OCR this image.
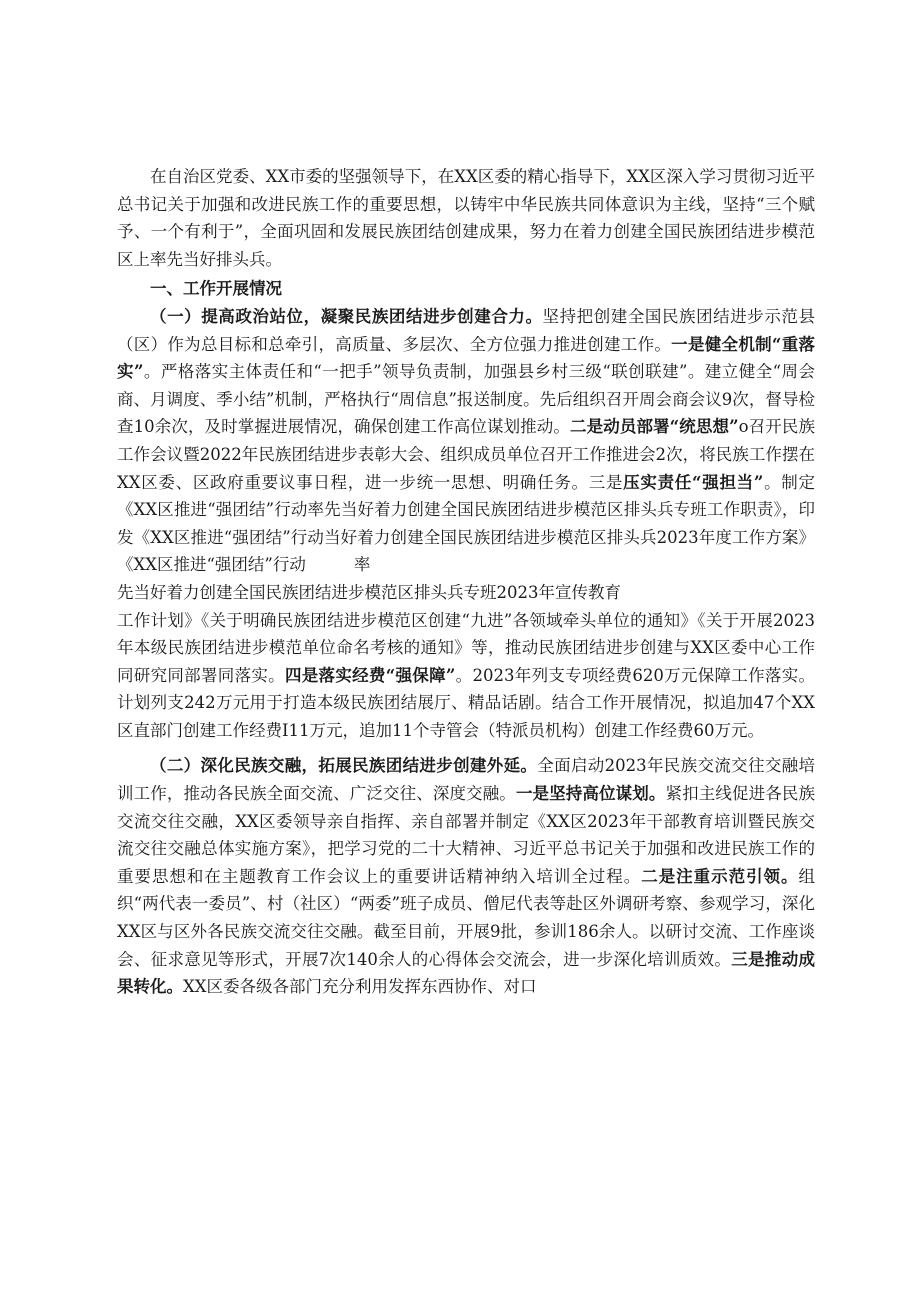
在自治区党委、XX市委的坚强领导下，在XX区委的精心指导下，XX区深入学习贯彻习近平总书记关于加强和改进民族工作的重要思想，以铸牢中华民族共同体意识为主线，坚持“三个赋予、一个有利于”，全面巩固和发展民族团结创建成果，努力在着力创建全国民族团结进步模范区上率先当好排头兵。

一、工作开展情况

（一）提高政治站位，凝聚民族团结进步创建合力。坚持把创建全国民族团结进步示范县（区）作为总目标和总牵引，高质量、多层次、全方位强力推进创建工作。一是健全机制“重落实”。严格落实主体责任和“一把手”领导负责制，加强县乡村三级“联创联建”。建立健全“周会商、月调度、季小结”机制，严格执行“周信息”报送制度。先后组织召开周会商会议9次，督导检查10余次，及时掌握进展情况，确保创建工作高位谋划推动。二是动员部署“统思想”o召开民族工作会议暨2022年民族团结进步表彰大会、组织成员单位召开工作推进会2次，将民族工作摆在XX区委、区政府重要议事日程，进一步统一思想、明确任务。三是压实责任“强担当”。制定《XX区推进“强团结”行动率先当好着力创建全国民族团结进步模范区排头兵专班工作职责》，印发《XX区推进“强团结”行动当好着力创建全国民族团结进步模范区排头兵2023年度工作方案》《XX区推进“强团结”行动	率
先当好着力创建全国民族团结进步模范区排头兵专班2023年宣传教育
工作计划》《关于明确民族团结进步模范区创建“九进”各领域牵头单位的通知》《关于开展2023年本级民族团结进步模范单位命名考核的通知》等，推动民族团结进步创建与XX区委中心工作同研究同部署同落实。四是落实经费“强保障”。2023年列支专项经费620万元保障工作落实。计划列支242万元用于打造本级民族团结展厅、精品话剧。结合工作开展情况，拟追加47个XX区直部门创建工作经费I11万元，追加11个寺管会（特派员机构）创建工作经费60万元。

（二）深化民族交融，拓展民族团结进步创建外延。全面启动2023年民族交流交往交融培训工作，推动各民族全面交流、广泛交往、深度交融。一是坚持高位谋划。紧扣主线促进各民族交流交往交融，XX区委领导亲自指挥、亲自部署并制定《XX区2023年干部教育培训暨民族交流交往交融总体实施方案》，把学习党的二十大精神、习近平总书记关于加强和改进民族工作的重要思想和在主题教育工作会议上的重要讲话精神纳入培训全过程。二是注重示范引领。组织“两代表一委员”、村（社区）“两委”班子成员、僧尼代表等赴区外调研考察、参观学习，深化XX区与区外各民族交流交往交融。截至目前，开展9批，参训186余人。以研讨交流、工作座谈会、征求意见等形式，开展7次140余人的心得体会交流会，进一步深化培训质效。三是推动成果转化。XX区委各级各部门充分利用发挥东西协作、对口
